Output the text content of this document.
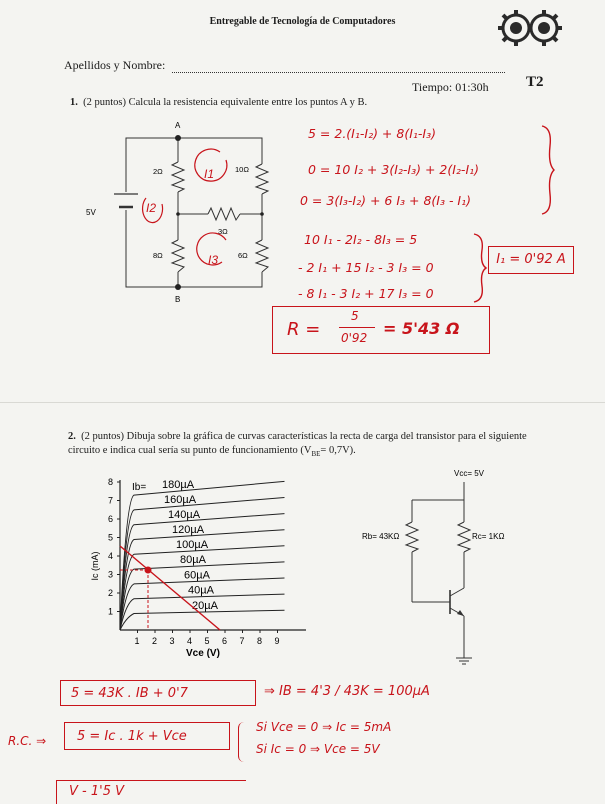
Entregable de Tecnología de Computadores
Apellidos y Nombre:
Tiempo: 01:30h T2
1. (2 puntos) Calcula la resistencia equivalente entre los puntos A y B.
A
B
5V
2Ω	10Ω
3Ω
8Ω	6Ω
I1
I2
I3
5 = 2.(I₁-I₂) + 8(I₁-I₃)
0 = 10 I₂ + 3(I₂-I₃) + 2(I₂-I₁)
0 = 3(I₃-I₂) + 6 I₃ + 8(I₃ - I₁)
10 I₁ - 2I₂ - 8I₃ = 5
- 2 I₁ + 15 I₂ - 3 I₃ = 0
- 8 I₁ - 3 I₂ + 17 I₃ = 0
I₁ = 0'92 A
R =
5
0'92 = 5'43 Ω
2. (2 puntos) Dibuja sobre la gráfica de curvas características la recta de carga del transistor para el siguiente circuito e indica cual sería su punto de funcionamiento $(V_{BE}= 0,7V)$.
Ic (mA)
Vce (V)
8
7
6
5
4
3
2
1
1 2 3 4 5 6 7 8 9
180µA
160µA
140µA
120µA
100µA
80µA
60µA
40µA
20µA
Ib=
Vcc= 5V
Rb= 43KΩ	Rc= 1KΩ
5 = 43K . IB + 0'7	⇒ IB = 4'3 / 43K = 100µA
R.C. ⇒	5 = Ic . 1k + Vce
Si Vce = 0 ⇒ Ic = 5mA
Si Ic = 0 ⇒ Vce = 5V
V - 1'5 V
